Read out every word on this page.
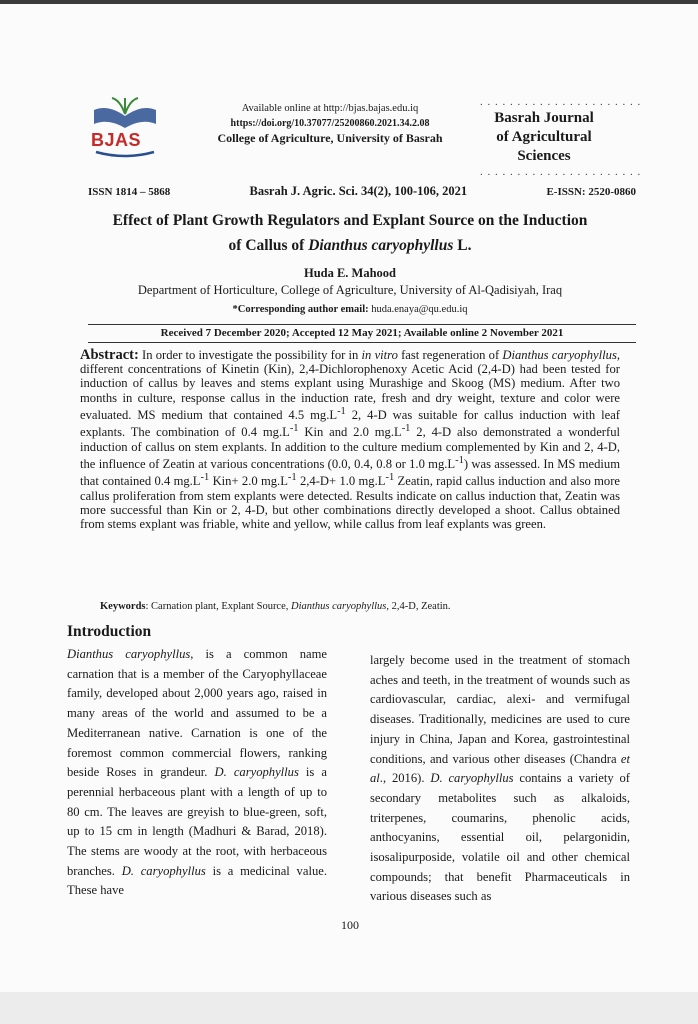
BJAS
Available online at http://bjas.bajas.edu.iq
https://doi.org/10.37077/25200860.2021.34.2.08
College of Agriculture, University of Basrah
. . . . . . . . . . . . . . . . . . . . . .
Basrah Journal
of Agricultural
Sciences
. . . . . . . . . . . . . . . . . . . . . .
ISSN 1814 – 5868	Basrah J. Agric. Sci. 34(2), 100-106, 2021	E-ISSN: 2520-0860
Effect of Plant Growth Regulators and Explant Source on the Induction
of Callus of Dianthus caryophyllus L.
Huda E. Mahood
Department of Horticulture, College of Agriculture, University of Al-Qadisiyah, Iraq
*Corresponding author email: huda.enaya@qu.edu.iq
Received 7 December 2020; Accepted 12 May 2021; Available online 2 November 2021
Abstract: In order to investigate the possibility for in in vitro fast regeneration of Dianthus caryophyllus, different concentrations of Kinetin (Kin), 2,4-Dichlorophenoxy Acetic Acid (2,4-D) had been tested for induction of callus by leaves and stems explant using Murashige and Skoog (MS) medium. After two months in culture, response callus in the induction rate, fresh and dry weight, texture and color were evaluated. MS medium that contained 4.5 $mg.L^{-1}$ 2, 4-D was suitable for callus induction with leaf explants. The combination of 0.4 $mg.L^{-1}$ Kin and 2.0 $mg.L^{-1}$ 2, 4-D also demonstrated a wonderful induction of callus on stem explants. In addition to the culture medium complemented by Kin and 2, 4-D, the influence of Zeatin at various concentrations (0.0, 0.4, 0.8 or 1.0 $mg.L^{-1}$) was assessed. In MS medium that contained 0.4 $mg.L^{-1}$ Kin+ 2.0 $mg.L^{-1}$ 2,4-D+ 1.0 $mg.L^{-1}$ Zeatin, rapid callus induction and also more callus proliferation from stem explants were detected. Results indicate on callus induction that, Zeatin was more successful than Kin or 2, 4-D, but other combinations directly developed a shoot. Callus obtained from stems explant was friable, white and yellow, while callus from leaf explants was green.
Keywords: Carnation plant, Explant Source, Dianthus caryophyllus, 2,4-D, Zeatin.
Introduction
Dianthus caryophyllus, is a common name carnation that is a member of the Caryophyllaceae family, developed about 2,000 years ago, raised in many areas of the world and assumed to be a Mediterranean native. Carnation is one of the foremost common commercial flowers, ranking beside Roses in grandeur. D. caryophyllus is a perennial herbaceous plant with a length of up to 80 cm. The leaves are greyish to blue-green, soft, up to 15 cm in length (Madhuri & Barad, 2018). The stems are woody at the root, with herbaceous branches. D. caryophyllus is a medicinal value. These have
largely become used in the treatment of stomach aches and teeth, in the treatment of wounds such as cardiovascular, cardiac, alexi- and vermifugal diseases. Traditionally, medicines are used to cure injury in China, Japan and Korea, gastrointestinal conditions, and various other diseases (Chandra et al., 2016). D. caryophyllus contains a variety of secondary metabolites such as alkaloids, triterpenes, coumarins, phenolic acids, anthocyanins, essential oil, pelargonidin, isosalipurposide, volatile oil and other chemical compounds; that benefit Pharmaceuticals in various diseases such as
100
